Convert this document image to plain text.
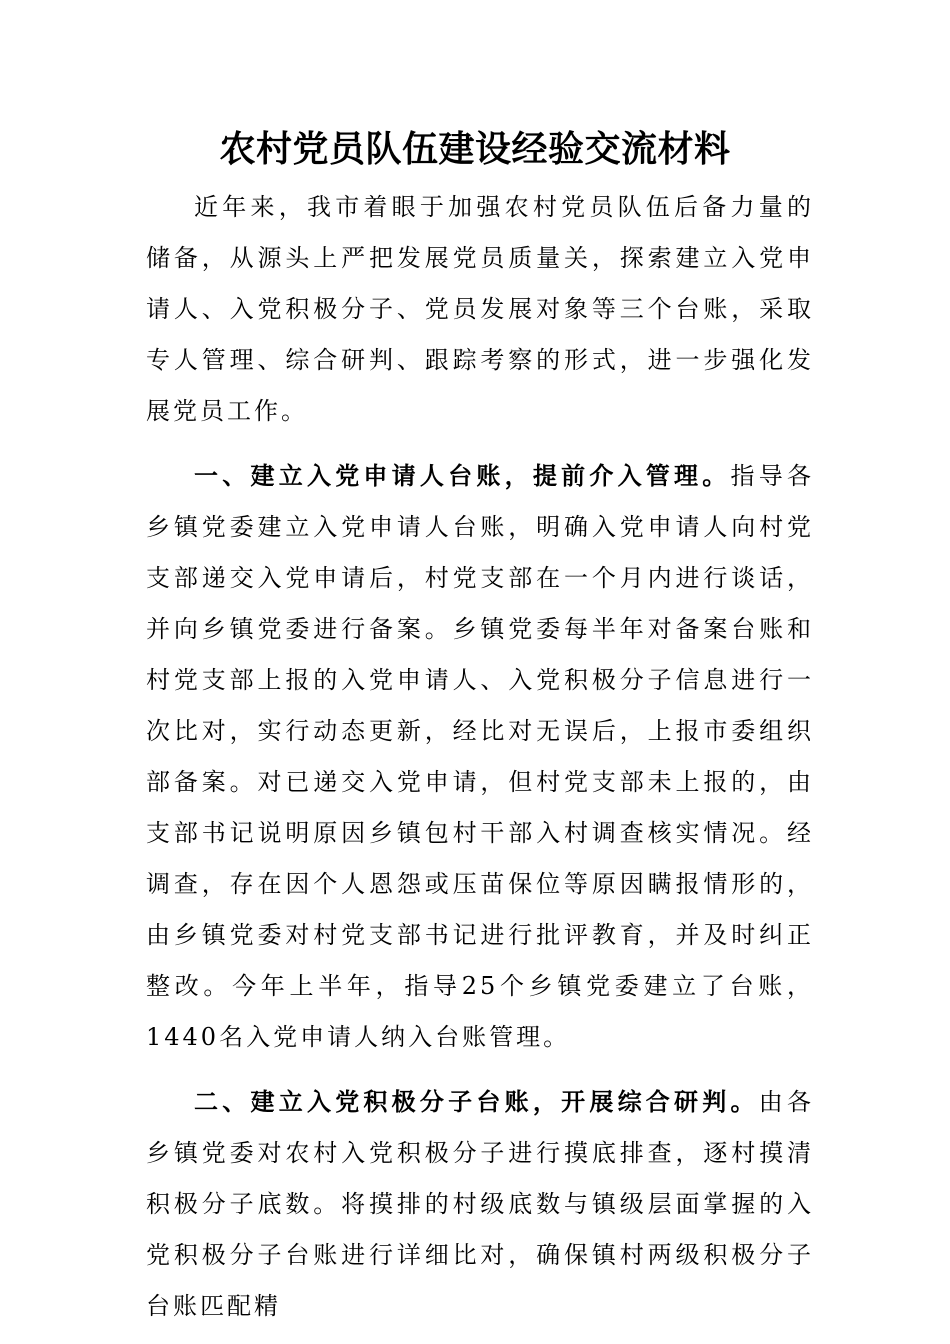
农村党员队伍建设经验交流材料

近年来，我市着眼于加强农村党员队伍后备力量的储备，从源头上严把发展党员质量关，探索建立入党申请人、入党积极分子、党员发展对象等三个台账，采取专人管理、综合研判、跟踪考察的形式，进一步强化发展党员工作。

一、建立入党申请人台账，提前介入管理。指导各乡镇党委建立入党申请人台账，明确入党申请人向村党支部递交入党申请后，村党支部在一个月内进行谈话，并向乡镇党委进行备案。乡镇党委每半年对备案台账和村党支部上报的入党申请人、入党积极分子信息进行一次比对，实行动态更新，经比对无误后，上报市委组织部备案。对已递交入党申请，但村党支部未上报的，由支部书记说明原因乡镇包村干部入村调查核实情况。经调查，存在因个人恩怨或压苗保位等原因瞒报情形的，由乡镇党委对村党支部书记进行批评教育，并及时纠正整改。今年上半年，指导25个乡镇党委建立了台账，1440名入党申请人纳入台账管理。

二、建立入党积极分子台账，开展综合研判。由各乡镇党委对农村入党积极分子进行摸底排查，逐村摸清积极分子底数。将摸排的村级底数与镇级层面掌握的入党积极分子台账进行详细比对，确保镇村两级积极分子台账匹配精
